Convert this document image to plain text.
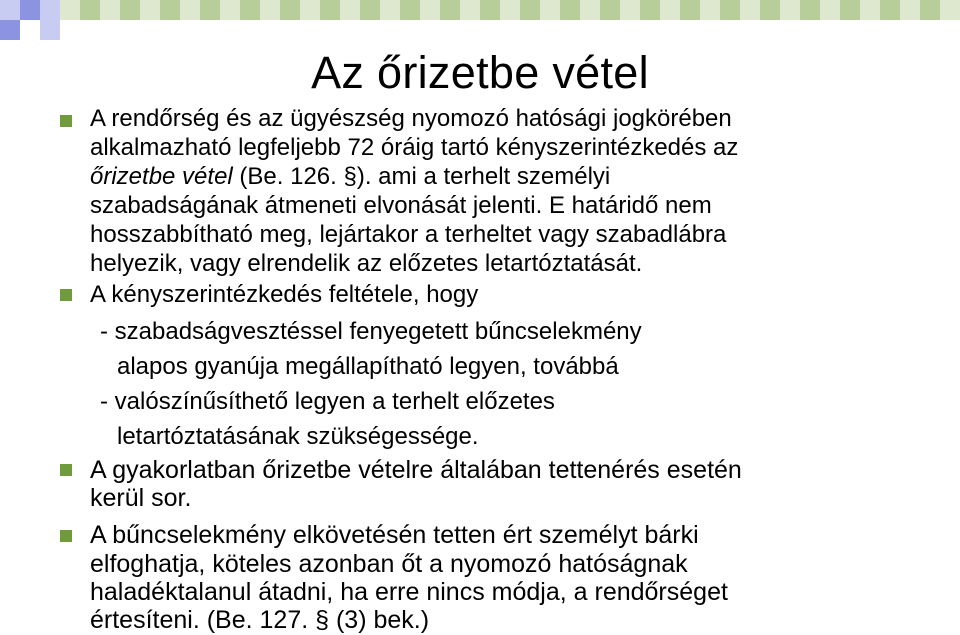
Az őrizetbe vétel

A rendőrség és az ügyészség nyomozó hatósági jogkörében

alkalmazható legfeljebb 72 óráig tartó kényszerintézkedés az

őrizetbe vétel (Be. 126. §). ami a terhelt személyi

szabadságának átmeneti elvonását jelenti. E határidő nem

hosszabbítható meg, lejártakor a terheltet vagy szabadlábra

helyezik, vagy elrendelik az előzetes letartóztatását.

A kényszerintézkedés feltétele, hogy

- szabadságvesztéssel fenyegetett bűncselekmény

alapos gyanúja megállapítható legyen, továbbá

- valószínűsíthető legyen a terhelt előzetes

letartóztatásának szükségessége.

A gyakorlatban őrizetbe vételre általában tettenérés esetén

kerül sor.

A bűncselekmény elkövetésén tetten ért személyt bárki

elfoghatja, köteles azonban őt a nyomozó hatóságnak

haladéktalanul átadni, ha erre nincs módja, a rendőrséget

értesíteni. (Be. 127. § (3) bek.)
